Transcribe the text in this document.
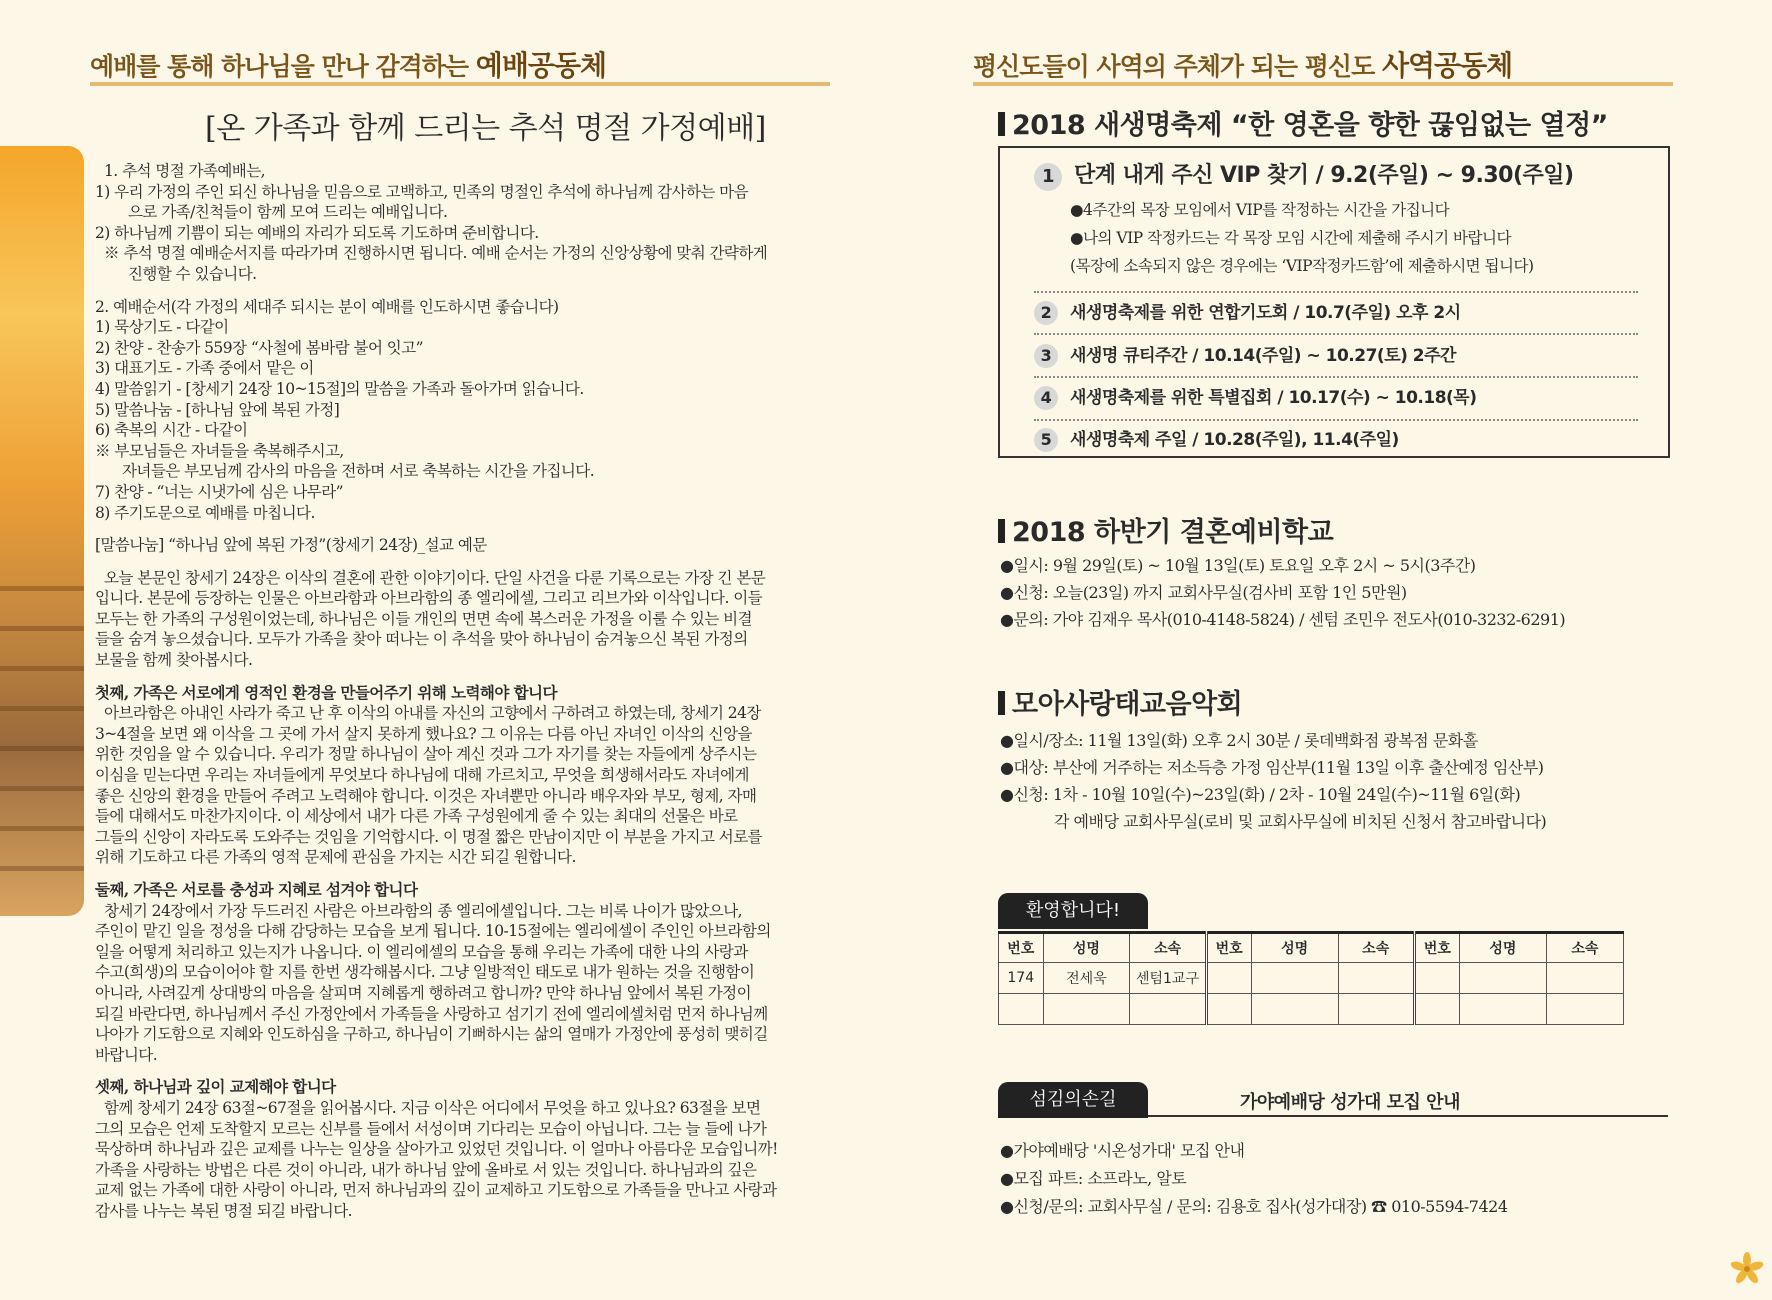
예배를 통해 하나님을 만나 감격하는 예배공동체
[온 가족과 함께 드리는 추석 명절 가정예배]
1. 추석 명절 가족예배는,
1) 우리 가정의 주인 되신 하나님을 믿음으로 고백하고, 민족의 명절인 추석에 하나님께 감사하는 마음
으로 가족/친척들이 함께 모여 드리는 예배입니다.
2) 하나님께 기쁨이 되는 예배의 자리가 되도록 기도하며 준비합니다.
※ 추석 명절 예배순서지를 따라가며 진행하시면 됩니다. 예배 순서는 가정의 신앙상황에 맞춰 간략하게
진행할 수 있습니다.
2. 예배순서(각 가정의 세대주 되시는 분이 예배를 인도하시면 좋습니다)
1) 묵상기도 - 다같이
2) 찬양 - 찬송가 559장 “사철에 봄바람 불어 잇고”
3) 대표기도 - 가족 중에서 맡은 이
4) 말씀읽기 - [창세기 24장 10~15절]의 말씀을 가족과 돌아가며 읽습니다.
5) 말씀나눔 - [하나님 앞에 복된 가정]
6) 축복의 시간 - 다같이
※ 부모님들은 자녀들을 축복해주시고,
자녀들은 부모님께 감사의 마음을 전하며 서로 축복하는 시간을 가집니다.
7) 찬양 - “너는 시냇가에 심은 나무라”
8) 주기도문으로 예배를 마칩니다.
[말씀나눔] “하나님 앞에 복된 가정”(창세기 24장)_설교 예문
오늘 본문인 창세기 24장은 이삭의 결혼에 관한 이야기이다. 단일 사건을 다룬 기록으로는 가장 긴 본문
입니다. 본문에 등장하는 인물은 아브라함과 아브라함의 종 엘리에셀, 그리고 리브가와 이삭입니다. 이들
모두는 한 가족의 구성원이었는데, 하나님은 이들 개인의 면면 속에 복스러운 가정을 이룰 수 있는 비결
들을 숨겨 놓으셨습니다. 모두가 가족을 찾아 떠나는 이 추석을 맞아 하나님이 숨겨놓으신 복된 가정의
보물을 함께 찾아봅시다.
첫째, 가족은 서로에게 영적인 환경을 만들어주기 위해 노력해야 합니다
아브라함은 아내인 사라가 죽고 난 후 이삭의 아내를 자신의 고향에서 구하려고 하였는데, 창세기 24장
3~4절을 보면 왜 이삭을 그 곳에 가서 살지 못하게 했나요? 그 이유는 다름 아닌 자녀인 이삭의 신앙을
위한 것임을 알 수 있습니다. 우리가 정말 하나님이 살아 계신 것과 그가 자기를 찾는 자들에게 상주시는
이심을 믿는다면 우리는 자녀들에게 무엇보다 하나님에 대해 가르치고, 무엇을 희생해서라도 자녀에게
좋은 신앙의 환경을 만들어 주려고 노력해야 합니다. 이것은 자녀뿐만 아니라 배우자와 부모, 형제, 자매
들에 대해서도 마찬가지이다. 이 세상에서 내가 다른 가족 구성원에게 줄 수 있는 최대의 선물은 바로
그들의 신앙이 자라도록 도와주는 것임을 기억합시다. 이 명절 짧은 만남이지만 이 부분을 가지고 서로를
위해 기도하고 다른 가족의 영적 문제에 관심을 가지는 시간 되길 원합니다.
둘째, 가족은 서로를 충성과 지혜로 섬겨야 합니다
창세기 24장에서 가장 두드러진 사람은 아브라함의 종 엘리에셀입니다. 그는 비록 나이가 많았으나,
주인이 맡긴 일을 정성을 다해 감당하는 모습을 보게 됩니다. 10-15절에는 엘리에셀이 주인인 아브라함의
일을 어떻게 처리하고 있는지가 나옵니다. 이 엘리에셀의 모습을 통해 우리는 가족에 대한 나의 사랑과
수고(희생)의 모습이어야 할 지를 한번 생각해봅시다. 그냥 일방적인 태도로 내가 원하는 것을 진행함이
아니라, 사려깊게 상대방의 마음을 살피며 지혜롭게 행하려고 합니까? 만약 하나님 앞에서 복된 가정이
되길 바란다면, 하나님께서 주신 가정안에서 가족들을 사랑하고 섬기기 전에 엘리에셀처럼 먼저 하나님께
나아가 기도함으로 지혜와 인도하심을 구하고, 하나님이 기뻐하시는 삶의 열매가 가정안에 풍성히 맺히길
바랍니다.
셋째, 하나님과 깊이 교제해야 합니다
함께 창세기 24장 63절~67절을 읽어봅시다. 지금 이삭은 어디에서 무엇을 하고 있나요? 63절을 보면
그의 모습은 언제 도착할지 모르는 신부를 들에서 서성이며 기다리는 모습이 아닙니다. 그는 늘 들에 나가
묵상하며 하나님과 깊은 교제를 나누는 일상을 살아가고 있었던 것입니다. 이 얼마나 아름다운 모습입니까!
가족을 사랑하는 방법은 다른 것이 아니라, 내가 하나님 앞에 올바로 서 있는 것입니다. 하나님과의 깊은
교제 없는 가족에 대한 사랑이 아니라, 먼저 하나님과의 깊이 교제하고 기도함으로 가족들을 만나고 사랑과
감사를 나누는 복된 명절 되길 바랍니다.
평신도들이 사역의 주체가 되는 평신도 사역공동체
2018 새생명축제 “한 영혼을 향한 끊임없는 열정”
1 단계 내게 주신 VIP 찾기 / 9.2(주일) ~ 9.30(주일)
●4주간의 목장 모임에서 VIP를 작정하는 시간을 가집니다
●나의 VIP 작정카드는 각 목장 모임 시간에 제출해 주시기 바랍니다
(목장에 소속되지 않은 경우에는 ‘VIP작정카드함’에 제출하시면 됩니다)
2 새생명축제를 위한 연합기도회 / 10.7(주일) 오후 2시
3 새생명 큐티주간 / 10.14(주일) ~ 10.27(토) 2주간
4 새생명축제를 위한 특별집회 / 10.17(수) ~ 10.18(목)
5 새생명축제 주일 / 10.28(주일), 11.4(주일)
2018 하반기 결혼예비학교
●일시: 9월 29일(토) ~ 10월 13일(토) 토요일 오후 2시 ~ 5시(3주간)
●신청: 오늘(23일) 까지 교회사무실(검사비 포함 1인 5만원)
●문의: 가야 김재우 목사(010-4148-5824) / 센텀 조민우 전도사(010-3232-6291)
모아사랑태교음악회
●일시/장소: 11월 13일(화) 오후 2시 30분 / 롯데백화점 광복점 문화홀
●대상: 부산에 거주하는 저소득층 가정 임산부(11월 13일 이후 출산예정 임산부)
●신청: 1차 - 10월 10일(수)~23일(화) / 2차 - 10월 24일(수)~11월 6일(화)
각 예배당 교회사무실(로비 및 교회사무실에 비치된 신청서 참고바랍니다)
환영합니다!
번호	성명	소속	번호	성명	소속	번호	성명	소속
174	전세욱	센텀1교구						

섬김의손길	가야예배당 성가대 모집 안내
●가야예배당 '시온성가대' 모집 안내
●모집 파트: 소프라노, 알토
●신청/문의: 교회사무실 / 문의: 김용호 집사(성가대장) ☎ 010-5594-7424
